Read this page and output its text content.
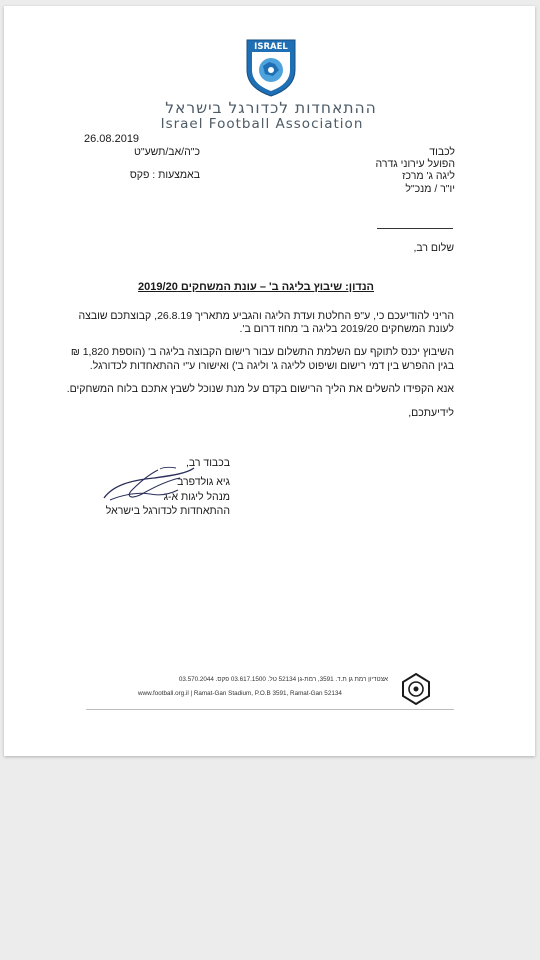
ISRAEL
ההתאחדות לכדורגל בישראל
Israel Football Association
26.08.2019
כ"ה/אב/תשע"ט
באמצעות : פקס
לכבוד
הפועל עירוני גדרה
ליגה ג' מרכז
יו"ר / מנכ"ל
שלום רב,
הנדון: שיבוץ בליגה ב' – עונת המשחקים 2019/20
הריני להודיעכם כי, ע"פ החלטת ועדת הליגה והגביע מתאריך 26.8.19, קבוצתכם שובצה
לעונת המשחקים 2019/20 בליגה ב' מחוז דרום ב'.
השיבוץ יכנס לתוקף עם השלמת התשלום עבור רישום הקבוצה בליגה ב' (הוספת 1,820 ₪
בגין ההפרש בין דמי רישום ושיפוט לליגה ג' וליגה ב') ואישורו ע"י ההתאחדות לכדורגל.
אנא הקפידו להשלים את הליך הרישום בקדם על מנת שנוכל לשבץ אתכם בלוח המשחקים.
לידיעתכם,
בכבוד רב,
גיא גולדפרב
מנהל ליגות א-ג
ההתאחדות לכדורגל בישראל
אצטדיון רמת גן ת.ד. 3591, רמת-גן 52134 טל. 03.617.1500 פקס. 03.570.2044
www.football.org.il | Ramat-Gan Stadium, P.O.B 3591, Ramat-Gan 52134
